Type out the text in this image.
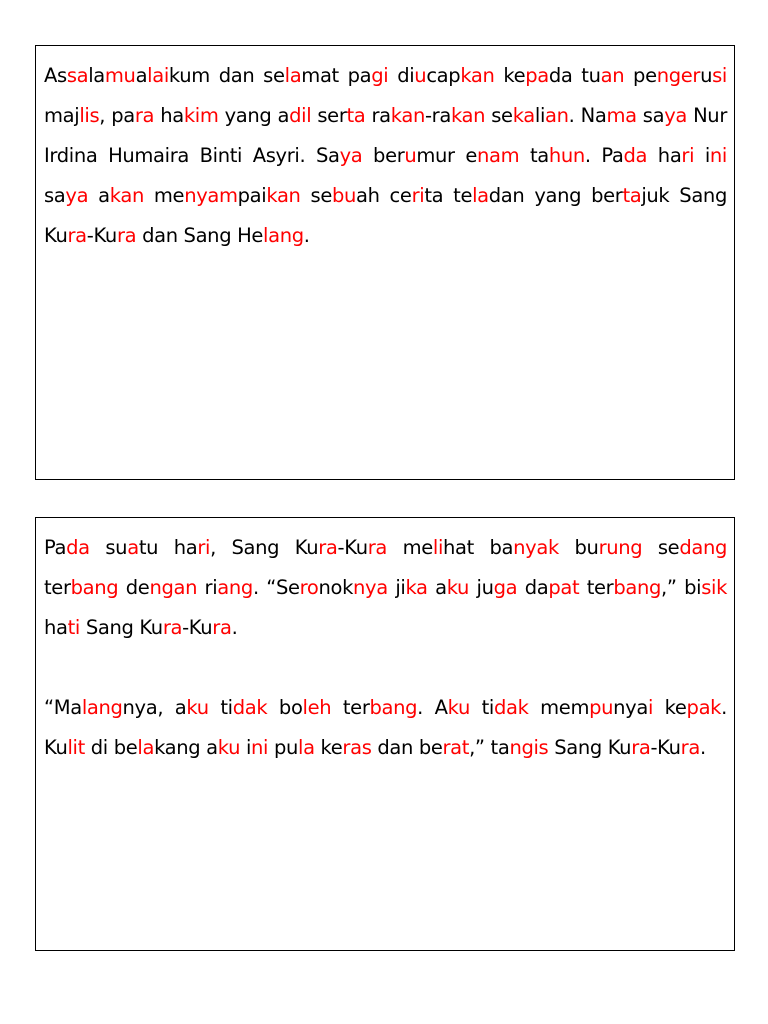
Assalamualaikum dan selamat pagi diucapkan kepada tuan pengerusi majlis, para hakim yang adil serta rakan-rakan sekalian. Nama saya Nur Irdina Humaira Binti Asyri. Saya berumur enam tahun. Pada hari ini saya akan menyampaikan sebuah cerita teladan yang bertajuk Sang Kura-Kura dan Sang Helang.

Pada suatu hari, Sang Kura-Kura melihat banyak burung sedang terbang dengan riang. “Seronoknya jika aku juga dapat terbang,” bisik hati Sang Kura-Kura.

“Malangnya, aku tidak boleh terbang. Aku tidak mempunyai kepak. Kulit di belakang aku ini pula keras dan berat,” tangis Sang Kura-Kura.
